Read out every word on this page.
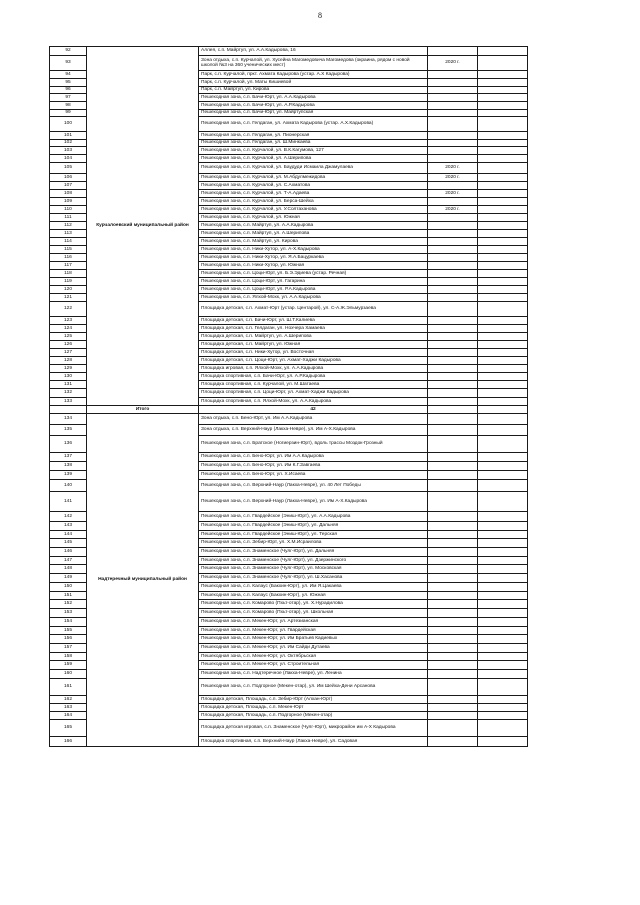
8
92	Курчалоевский муниципальный район	Аллея, с.п. Майртуп, ул. А.А.Кадырова, 16		
93		Зона отдыха, с.п. Курчалой, ул. Хусейна Магомедовича Магомедова (окраина, рядом с новой школой №3 на 360 ученических мест)	2020 г.	
94		Парк, с.п. Курчалой, пркт. Ахмата Кадырова (устар. А.Х Кадырова)		
95		Парк, с.п. Курчалой, ул. Маты Кишиевой		
96		Парк, с.п. Майртуп, ул. Кирова		
97		Пешеходная зона, с.п. Бачи-Юрт, ул. А.А.Кадырова		
98		Пешеходная зона, с.п. Бачи-Юрт, ул. А.Р.Кадырова		
99		Пешеходная зона, с.п. Бачи-Юрт, ул. Майртупская		
100		Пешеходная зона, с.п. Гелдаган, ул. Ахмата Кадырова (устар. А.Х.Кадырова)		
101		Пешеходная зона, с.п. Гелдаган, ул. Пионерская		
102		Пешеходная зона, с.п. Гелдаган, ул. Ш.Минкаева		
103		Пешеходная зона, с.п. Курчалой, ул. В.К.Кагумова, 127		
104		Пешеходная зона, с.п. Курчалой, ул. А.Шерипова		
105		Пешеходная зона, с.п. Курчалой, ул. Баудуди Исмаила Джамулаева	2020 г.	
106		Пешеходная зона, с.п. Курчалой, ул. М.Абдулмежидова	2020 г.	
107		Пешеходная зона, с.п. Курчалой, ул. С.Ахматова		
108		Пешеходная зона, с.п. Курчалой, ул. Т-А.Адаева	2020 г.	
109		Пешеходная зона, с.п. Курчалой, ул. Берса-Шейха		
110		Пешеходная зона, с.п. Курчалой, ул. У.Солтаханова	2020 г.	
111		Пешеходная зона, с.п. Курчалой, ул. Южная		
112		Пешеходная зона, с.п. Майртуп, ул. А.А.Кадырова		
113		Пешеходная зона, с.п. Майртуп, ул. А.Шерипова		
114		Пешеходная зона, с.п. Майртуп, ул. Кирова		
115		Пешеходная зона, с.п. Ники-Хутор, ул. А-Х.Кадырова		
116		Пешеходная зона, с.п. Ники-Хутор, ул. Я.А.Бацуркаева		
117		Пешеходная зона, с.п. Ники-Хутор, ул. Южная		
118		Пешеходная зона, с.п. Цоци-Юрт, ул. Б.Э.Эдиева (устар. Речная)		
119		Пешеходная зона, с.п. Цоци-Юрт, ул. Гагарина		
120		Пешеходная зона, с.п. Цоци-Юрт, ул. Р.А.Кадырова		
121		Пешеходная зона, с.п. Ялхой-Мохк, ул. А.А.Кадырова		
122		Площадка детская, с.п. Ахмат-Юрт (устар. Центарой), ул. С-А.Ж.Эльмурзаева		
123		Площадка детская, с.п. Бачи-Юрт, ул. Ш.Т.Калиева		
124		Площадка детская, с.п. Гелдаган, ул. Нохчера Хамаева		
125		Площадка детская, с.п. Майртуп, ул. А.Шерипова		
126		Площадка детская, с.п. Майртуп, ул. Южная		
127		Площадка детская, с.п. Ники-Хутор, ул. Восточная		
128		Площадка детская, с.п. Цоци-Юрт, ул. Ахмат-Хаджи Кадырова		
129		Площадка игровая, с.п. Ялхой-Мохк, ул. А.А.Кадырова		
130		Площадка спортивная, с.п. Бачи-Юрт, ул. А.Р.Кадырова		
131		Площадка спортивная, с.п. Курчалой, ул. М.Шатаева		
132		Площадка спортивная, с.п. Цоци-Юрт, ул. Ахмат-Хаджи Кадырова		
133		Площадка спортивная, с.п. Ялхой-Мохк, ул. А.А.Кадырова		
	Итого	42		
134	Надтеречный муниципальный район	Зона отдыха, с.п. Бено-Юрт, ул. Им А.А.Кадырова		
135		Зона отдыха, с.п. Верхний-Наур (Лакха-Невре), ул. Им А-Х.Кадырова		
136		Пешеходная зона, с.п. Братское (Ногиерзин-Юрт), вдоль трассы Моздок-Грозный		
137		Пешеходная зона, с.п. Бено-Юрт, ул. Им А.А.Кадырова		
138		Пешеходная зона, с.п. Бено-Юрт, ул. Им К.Г.Завгаева		
139		Пешеходная зона, с.п. Бено-Юрт, ул. Х.Исаева		
140		Пешеходная зона, с.п. Верхний-Наур (Лакха-Невре), ул. 40 Лет Победы		
141		Пешеходная зона, с.п. Верхний-Наур (Лакха-Невре), ул. Им А-Х.Кадырова		
142		Пешеходная зона, с.п. Гвардейское (Эниш-Юрт), ул. А.А.Кадырова		
143		Пешеходная зона, с.п. Гвардейское (Эниш-Юрт), ул. Дальняя		
144		Пешеходная зона, с.п. Гвардейское (Эниш-Юрт), ул. Терская		
145		Пешеходная зона, с.п. Зебир-Юрт, ул. Х.М.Исраилова		
146		Пешеходная зона, с.п. Знаменское (Чулг-Юрт), ул. Дальняя		
147		Пешеходная зона, с.п. Знаменское (Чулг-Юрт), ул. Дзержинского		
148		Пешеходная зона, с.п. Знаменское (Чулг-Юрт), ул. Московская		
149		Пешеходная зона, с.п. Знаменское (Чулг-Юрт), ул. Ш.Хасанова		
150		Пешеходная зона, с.п. Калаус (Бакхин-Юрт), ул. Им Я.Цакаева		
151		Пешеходная зона, с.п. Калаус (Бакхин-Юрт), ул. Южная		
152		Пешеходная зона, с.п. Комарово (Пхьт-отар), ул. Х.Нурадилова		
153		Пешеходная зона, с.п. Комарово (Пхьт-отар), ул. Школьная		
154		Пешеходная зона, с.п. Мекен-Юрт, ул. Артезианская		
155		Пешеходная зона, с.п. Мекен-Юрт, ул. Гвардейская		
156		Пешеходная зона, с.п. Мекен-Юрт, ул. Им Братьев Кадиевых		
157		Пешеходная зона, с.п. Мекен-Юрт, ул. Им Сайди Дутаева		
158		Пешеходная зона, с.п. Мекен-Юрт, ул. Октябрьская		
159		Пешеходная зона, с.п. Мекен-Юрт, ул. Строительная		
160		Пешеходная зона, с.п. Надтеречное (Лакха-Невре), ул. Ленина		
161		Пешеходная зона, с.п. Подгорное (Мекен-отар), ул. Им Шейха-Дени Арсанова		
162		Площадка детская, Площадь, с.п. Зебир-Юрт (Алхан-Юрт)		
163		Площадка детская, Площадь, с.п. Мекен-Юрт		
164		Площадка детская, Площадь, с.п. Подгорное (Мекен-отар)		
165		Площадка детская игровая, с.п. Знаменское (Чулг-Юрт), микрорайон им А-Х Кадырова		
166		Площадка спортивная, с.п. Верхний-Наур (Лакха-Невре), ул. Садовая		
